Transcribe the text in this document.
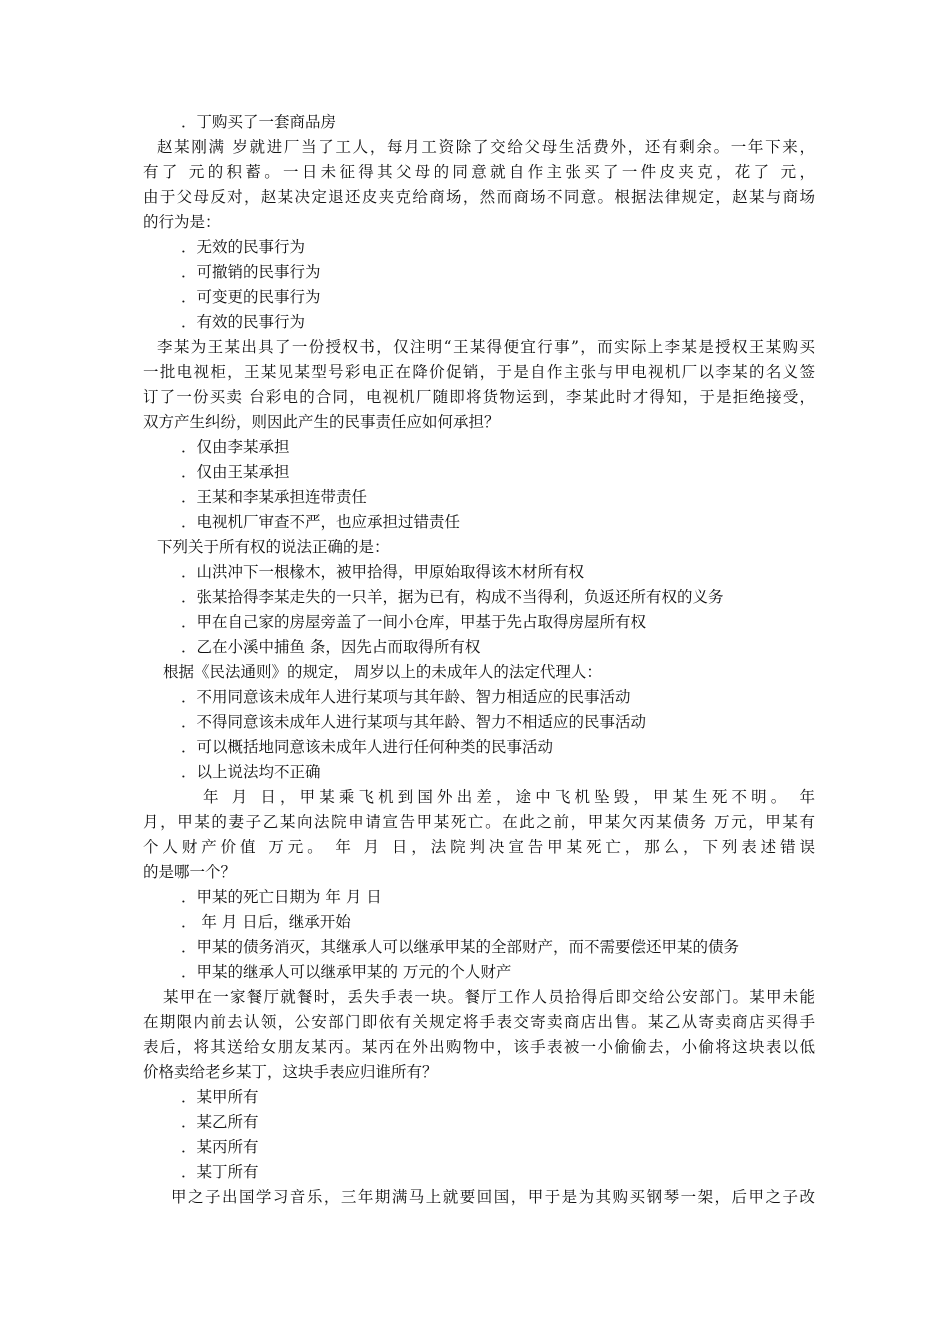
．丁购买了一套商品房
赵某刚满 岁就进厂当了工人，每月工资除了交给父母生活费外，还有剩余。一年下来，
有了 元的积蓄。一日未征得其父母的同意就自作主张买了一件皮夹克，花了 元，
由于父母反对，赵某决定退还皮夹克给商场，然而商场不同意。根据法律规定，赵某与商场
的行为是：
．无效的民事行为
．可撤销的民事行为
．可变更的民事行为
．有效的民事行为
李某为王某出具了一份授权书，仅注明“王某得便宜行事”，而实际上李某是授权王某购买
一批电视柜，王某见某型号彩电正在降价促销，于是自作主张与甲电视机厂以李某的名义签
订了一份买卖 台彩电的合同，电视机厂随即将货物运到，李某此时才得知，于是拒绝接受，
双方产生纠纷，则因此产生的民事责任应如何承担？
．仅由李某承担
．仅由王某承担
．王某和李某承担连带责任
．电视机厂审查不严，也应承担过错责任
下列关于所有权的说法正确的是：
．山洪冲下一根椽木，被甲拾得，甲原始取得该木材所有权
．张某拾得李某走失的一只羊，据为已有，构成不当得利，负返还所有权的义务
．甲在自己家的房屋旁盖了一间小仓库，甲基于先占取得房屋所有权
．乙在小溪中捕鱼 条，因先占而取得所有权
根据《民法通则》的规定， 周岁以上的未成年人的法定代理人：
．不用同意该未成年人进行某项与其年龄、智力相适应的民事活动
．不得同意该未成年人进行某项与其年龄、智力不相适应的民事活动
．可以概括地同意该未成年人进行任何种类的民事活动
．以上说法均不正确
年 月 日，甲某乘飞机到国外出差，途中飞机坠毁，甲某生死不明。 年
月，甲某的妻子乙某向法院申请宣告甲某死亡。在此之前，甲某欠丙某债务 万元，甲某有
个人财产价值 万元。 年 月 日，法院判决宣告甲某死亡，那么，下列表述错误
的是哪一个？
．甲某的死亡日期为 年 月 日
． 年 月 日后，继承开始
．甲某的债务消灭，其继承人可以继承甲某的全部财产，而不需要偿还甲某的债务
．甲某的继承人可以继承甲某的 万元的个人财产
某甲在一家餐厅就餐时，丢失手表一块。餐厅工作人员拾得后即交给公安部门。某甲未能
在期限内前去认领，公安部门即依有关规定将手表交寄卖商店出售。某乙从寄卖商店买得手
表后，将其送给女朋友某丙。某丙在外出购物中，该手表被一小偷偷去，小偷将这块表以低
价格卖给老乡某丁，这块手表应归谁所有？
．某甲所有
．某乙所有
．某丙所有
．某丁所有
甲之子出国学习音乐，三年期满马上就要回国，甲于是为其购买钢琴一架，后甲之子改
